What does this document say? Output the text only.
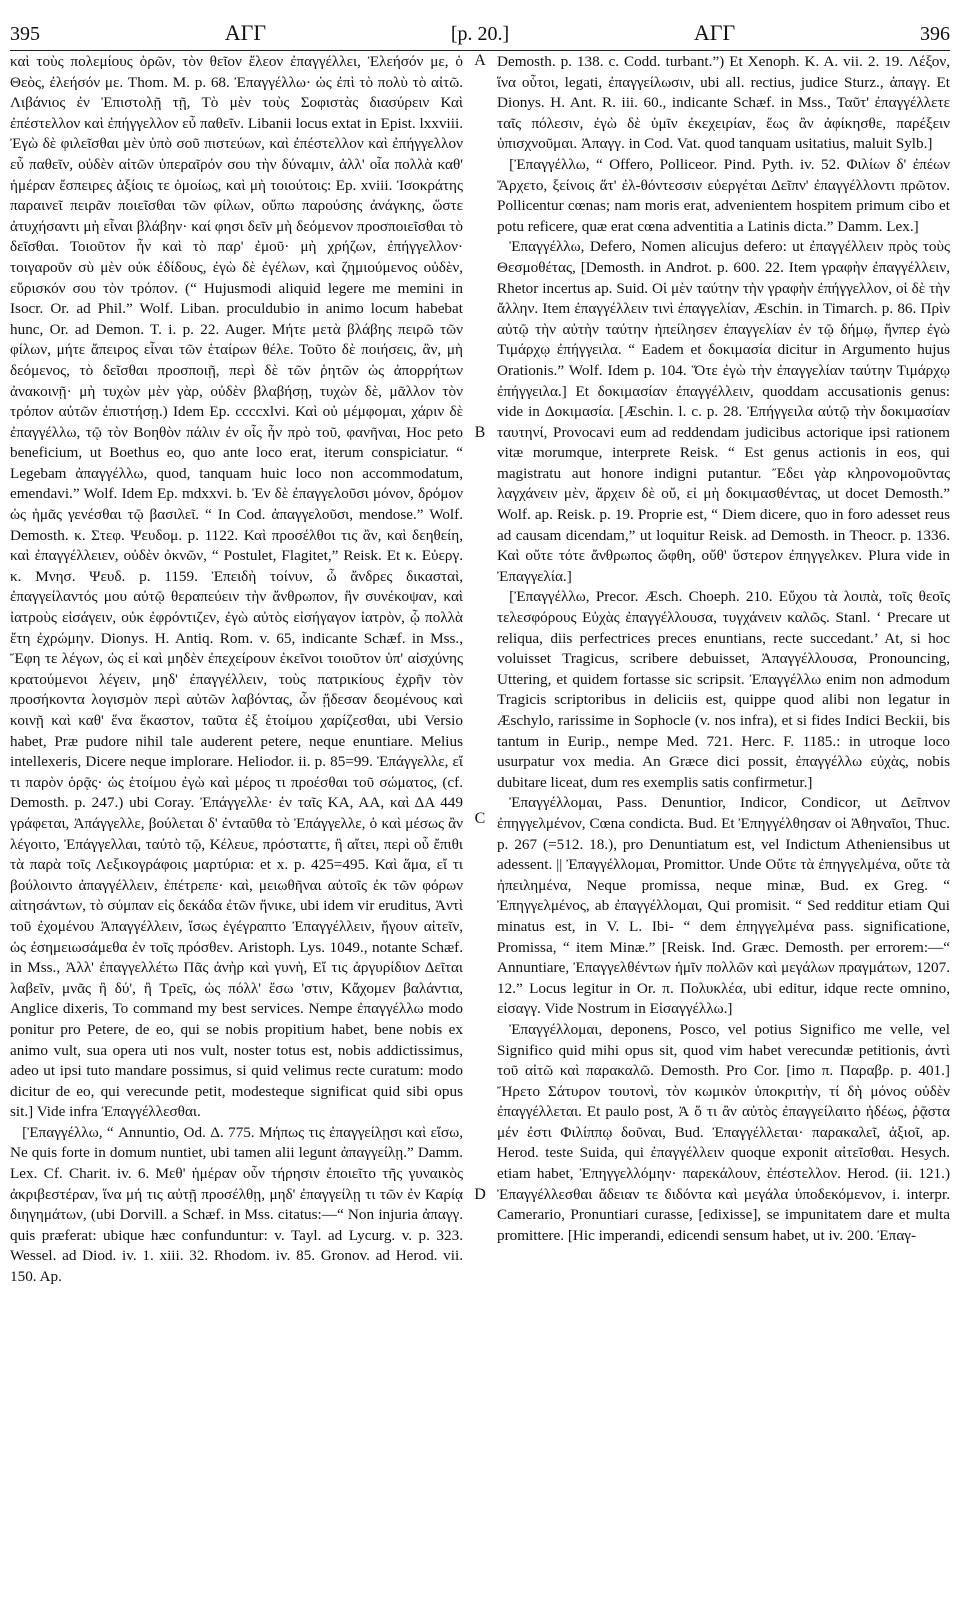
395	ΑΓΓ	[p. 20.]	ΑΓΓ	396

καὶ τοὺς πολεμίους ὁρῶν, τὸν θεῖον ἔλεον ἐπαγγέλλει, Ἐλεήσόν με, ὁ Θεὸς, ἐλεήσόν με. Thom. M. p. 68. Ἐπαγγέλλω· ὡς ἐπὶ τὸ πολὺ τὸ αἰτῶ. Λιβάνιος ἐν Ἐπιστολῇ τῇ, Τὸ μὲν τοὺς Σοφιστὰς διασύρειν Καὶ ἐπέστελλον καὶ ἐπήγγελλον εὖ παθεῖν. Libanii locus extat in Epist. lxxviii. Ἐγὼ δὲ φιλεῖσθαι μὲν ὑπὸ σοῦ πιστεύων, καὶ ἐπέστελλον καὶ ἐπήγγελλον εὖ παθεῖν, οὐδὲν αἰτῶν ὑπεραῖρόν σου τὴν δύναμιν, ἀλλ' οἷα πολλὰ καθ' ἡμέραν ἔσπειρες ἀξίοις τε ὁμοίως, καὶ μὴ τοιούτοις: Ep. xviii. Ἰσοκράτης παραινεῖ πειρᾶν ποιεῖσθαι τῶν φίλων, οὔπω παρούσης ἀνάγκης, ὥστε ἀτυχήσαντι μὴ εἶναι βλάβην· καί φησι δεῖν μὴ δεόμενον προσποιεῖσθαι τὸ δεῖσθαι. Τοιοῦτον ἦν καὶ τὸ παρ' ἐμοῦ· μὴ χρήζων, ἐπήγγελλον· τοιγαροῦν σὺ μὲν οὐκ ἐδίδους, ἐγὼ δὲ ἐγέλων, καὶ ζημιούμενος οὐδὲν, εὕρισκόν σου τὸν τρόπον. (“ Hujusmodi aliquid legere me memini in Isocr. Or. ad Phil.” Wolf. Liban. proculdubio in animo locum habebat hunc, Or. ad Demon. T. i. p. 22. Auger. Μήτε μετὰ βλάβης πειρῶ τῶν φίλων, μήτε ἄπειρος εἶναι τῶν ἑταίρων θέλε. Τοῦτο δὲ ποιήσεις, ἂν, μὴ δεόμενος, τὸ δεῖσθαι προσποιῇ, περὶ δὲ τῶν ῥητῶν ὡς ἀπορρήτων ἀνακοινῇ· μὴ τυχὼν μὲν γὰρ, οὐδὲν βλαβήσῃ, τυχὼν δὲ, μᾶλλον τὸν τρόπον αὐτῶν ἐπιστήσῃ.) Idem Ep. ccccxlvi. Καὶ οὐ μέμφομαι, χάριν δὲ ἐπαγγέλλω, τῷ τὸν Βοηθὸν πάλιν ἐν οἷς ἦν πρὸ τοῦ, φανῆναι, Hoc peto beneficium, ut Boethus eo, quo ante loco erat, iterum conspiciatur. “ Legebam ἀπαγγέλλω, quod, tanquam huic loco non accommodatum, emendavi.” Wolf. Idem Ep. mdxxvi. b. Ἐν δὲ ἐπαγγελοῦσι μόνον, δρόμον ὡς ἡμᾶς γενέσθαι τῷ βασιλεῖ. “ In Cod. ἀπαγγελοῦσι, mendose.” Wolf. Demosth. κ. Στεφ. Ψευδομ. p. 1122. Καὶ προσέλθοι τις ἂν, καὶ δεηθείη, καὶ ἐπαγγέλλειεν, οὐδὲν ὀκνῶν, “ Postulet, Flagitet,” Reisk. Et κ. Εὐεργ. κ. Μνησ. Ψευδ. p. 1159. Ἐπειδὴ τοίνυν, ὦ ἄνδρες δικασταὶ, ἐπαγγείλαντός μου αὐτῷ θεραπεύειν τὴν ἄνθρωπον, ἣν συνέκοψαν, καὶ ἰατροὺς εἰσάγειν, οὐκ ἐφρόντιζεν, ἐγὼ αὐτὸς εἰσήγαγον ἰατρὸν, ᾧ πολλὰ ἔτη ἐχρώμην. Dionys. H. Antiq. Rom. v. 65, indicante Schæf. in Mss., Ἔφη τε λέγων, ὡς εἰ καὶ μηδὲν ἐπεχείρουν ἐκεῖνοι τοιοῦτον ὑπ' αἰσχύνης κρατούμενοι λέγειν, μηδ' ἐπαγγέλλειν, τοὺς πατρικίους ἐχρῆν τὸν προσήκοντα λογισμὸν περὶ αὐτῶν λαβόντας, ὧν ᾔδεσαν δεομένους καὶ κοινῇ καὶ καθ' ἕνα ἕκαστον, ταῦτα ἐξ ἑτοίμου χαρίζεσθαι, ubi Versio habet, Præ pudore nihil tale auderent petere, neque enuntiare. Melius intellexeris, Dicere neque implorare. Heliodor. ii. p. 85=99. Ἐπάγγελλε, εἴ τι παρὸν ὁρᾷς· ὡς ἑτοίμου ἐγὼ καὶ μέρος τι προέσθαι τοῦ σώματος, (cf. Demosth. p. 247.) ubi Coray. Ἐπάγγελλε· ἐν ταῖς ΚΑ, ΑΑ, καὶ ΔΑ 449 γράφεται, Ἀπάγγελλε, βούλεται δ' ἐνταῦθα τὸ Ἐπάγγελλε, ὁ καὶ μέσως ἂν λέγοιτο, Ἐπάγγελλαι, ταὐτὸ τῷ, Κέλευε, πρόσταττε, ἢ αἴτει, περὶ οὗ ἔπιθι τὰ παρὰ τοῖς Λεξικογράφοις μαρτύρια: et x. p. 425=495. Καὶ ἅμα, εἴ τι βούλοιντο ἀπαγγέλλειν, ἐπέτρεπε· καὶ, μειωθῆναι αὐτοῖς ἐκ τῶν φόρων αἰτησάντων, τὸ σύμπαν εἰς δεκάδα ἐτῶν ἤνικε, ubi idem vir eruditus, Ἀντὶ τοῦ ἐχομένου Ἀπαγγέλλειν, ἴσως ἐγέγραπτο Ἐπαγγέλλειν, ἤγουν αἰτεῖν, ὡς ἐσημειωσάμεθα ἐν τοῖς πρόσθεν. Aristoph. Lys. 1049., notante Schæf. in Mss., Ἀλλ' ἐπαγγελλέτω Πᾶς ἀνὴρ καὶ γυνὴ, Εἴ τις ἀργυρίδιον Δεῖται λαβεῖν, μνᾶς ἢ δύ', ἢ Τρεῖς, ὡς πόλλ' ἔσω 'στιν, Κἄχομεν βαλάντια, Anglice dixeris, To command my best services. Nempe ἐπαγγέλλω modo ponitur pro Petere, de eo, qui se nobis propitium habet, bene nobis ex animo vult, sua opera uti nos vult, noster totus est, nobis addictissimus, adeo ut ipsi tuto mandare possimus, si quid velimus recte curatum: modo dicitur de eo, qui verecunde petit, modesteque significat quid sibi opus sit.] Vide infra Ἐπαγγέλλεσθαι.

[Ἐπαγγέλλω, “ Annuntio, Od. Δ. 775. Μήπως τις ἐπαγγείλῃσι καὶ εἴσω, Ne quis forte in domum nuntiet, ubi tamen alii legunt ἀπαγγείλῃ.” Damm. Lex. Cf. Charit. iv. 6. Μεθ' ἡμέραν οὖν τήρησιν ἐποιεῖτο τῆς γυναικὸς ἀκριβεστέραν, ἵνα μή τις αὐτῇ προσέλθῃ, μηδ' ἐπαγγείλῃ τι τῶν ἐν Καρίᾳ διηγημάτων, (ubi Dorvill. a Schæf. in Mss. citatus:—“ Non injuria ἀπαγγ. quis præferat: ubique hæc confunduntur: v. Tayl. ad Lycurg. v. p. 323. Wessel. ad Diod. iv. 1. xiii. 32. Rhodom. iv. 85. Gronov. ad Herod. vii. 150. Ap.

A
B
C
D

Demosth. p. 138. c. Codd. turbant.”) Et Xenoph. K. A. vii. 2. 19. Λέξον, ἵνα οὗτοι, legati, ἐπαγγείλωσιν, ubi all. rectius, judice Sturz., ἀπαγγ. Et Dionys. H. Ant. R. iii. 60., indicante Schæf. in Mss., Ταῦτ' ἐπαγγέλλετε ταῖς πόλεσιν, ἐγὼ δὲ ὑμῖν ἐκεχειρίαν, ἕως ἂν ἀφίκησθε, παρέξειν ὑπισχνοῦμαι. Ἀπαγγ. in Cod. Vat. quod tanquam usitatius, maluit Sylb.]

[Ἐπαγγέλλω, “ Offero, Polliceor. Pind. Pyth. iv. 52. Φιλίων δ' ἐπέων Ἄρχετο, ξείνοις ἅτ' ἐλ-θόντεσσιν εὐεργέται Δεῖπν' ἐπαγγέλλοντι πρῶτον. Pollicentur cœnas; nam moris erat, advenientem hospitem primum cibo et potu reficere, quæ erat cœna adventitia a Latinis dicta.” Damm. Lex.]

Ἐπαγγέλλω, Defero, Nomen alicujus defero: ut ἐπαγγέλλειν πρὸς τοὺς Θεσμοθέτας, [Demosth. in Androt. p. 600. 22. Item γραφὴν ἐπαγγέλλειν, Rhetor incertus ap. Suid. Οἱ μὲν ταύτην τὴν γραφὴν ἐπήγγελλον, οἱ δὲ τὴν ἄλλην. Item ἐπαγγέλλειν τινὶ ἐπαγγελίαν, Æschin. in Timarch. p. 86. Πρὶν αὐτῷ τὴν αὐτὴν ταύτην ἠπείλησεν ἐπαγγελίαν ἐν τῷ δήμῳ, ἥνπερ ἐγὼ Τιμάρχῳ ἐπήγγειλα. “ Eadem et δοκιμασία dicitur in Argumento hujus Orationis.” Wolf. Idem p. 104. Ὅτε ἐγὼ τὴν ἐπαγγελίαν ταύτην Τιμάρχῳ ἐπήγγειλα.] Et δοκιμασίαν ἐπαγγέλλειν, quoddam accusationis genus: vide in Δοκιμασία. [Æschin. l. c. p. 28. Ἐπήγγειλα αὐτῷ τὴν δοκιμασίαν ταυτηνί, Provocavi eum ad reddendam judicibus actorique ipsi rationem vitæ morumque, interprete Reisk. “ Est genus actionis in eos, qui magistratu aut honore indigni putantur. Ἔδει γὰρ κληρονομοῦντας λαγχάνειν μὲν, ἄρχειν δὲ οὔ, εἰ μὴ δοκιμασθέντας, ut docet Demosth.” Wolf. ap. Reisk. p. 19. Proprie est, “ Diem dicere, quo in foro adesset reus ad causam dicendam,” ut loquitur Reisk. ad Demosth. in Theocr. p. 1336. Καὶ οὔτε τότε ἄνθρωπος ὤφθη, οὔθ' ὕστερον ἐπηγγελκεν. Plura vide in Ἐπαγγελία.]

[Ἐπαγγέλλω, Precor. Æsch. Choeph. 210. Εὔχου τὰ λοιπὰ, τοῖς θεοῖς τελεσφόρους Εὐχὰς ἐπαγγέλλουσα, τυγχάνειν καλῶς. Stanl. ‘ Precare ut reliqua, diis perfectrices preces enuntians, recte succedant.’ At, si hoc voluisset Tragicus, scribere debuisset, Ἀπαγγέλλουσα, Pronouncing, Uttering, et quidem fortasse sic scripsit. Ἐπαγγέλλω enim non admodum Tragicis scriptoribus in deliciis est, quippe quod alibi non legatur in Æschylo, rarissime in Sophocle (v. nos infra), et si fides Indici Beckii, bis tantum in Eurip., nempe Med. 721. Herc. F. 1185.: in utroque loco usurpatur vox media. An Græce dici possit, ἐπαγγέλλω εὐχὰς, nobis dubitare liceat, dum res exemplis satis confirmetur.]

Ἐπαγγέλλομαι, Pass. Denuntior, Indicor, Condicor, ut Δεῖπνον ἐπηγγελμένον, Cœna condicta. Bud. Et Ἐπηγγέλθησαν οἱ Ἀθηναῖοι, Thuc. p. 267 (=512. 18.), pro Denuntiatum est, vel Indictum Atheniensibus ut adessent. || Ἐπαγγέλλομαι, Promittor. Unde Οὔτε τὰ ἐπηγγελμένα, οὔτε τὰ ἠπειλημένα, Neque promissa, neque minæ, Bud. ex Greg. “ Ἐπηγγελμένος, ab ἐπαγγέλλομαι, Qui promisit. “ Sed redditur etiam Qui minatus est, in V. L. Ibi- “ dem ἐπηγγελμένα pass. significatione, Promissa, “ item Minæ.” [Reisk. Ind. Græc. Demosth. per errorem:—“ Annuntiare, Ἐπαγγελθέντων ἡμῖν πολλῶν καὶ μεγάλων πραγμάτων, 1207. 12.” Locus legitur in Or. π. Πολυκλέα, ubi editur, idque recte omnino, εἰσαγγ. Vide Nostrum in Εἰσαγγέλλω.]

Ἐπαγγέλλομαι, deponens, Posco, vel potius Significo me velle, vel Significo quid mihi opus sit, quod vim habet verecundæ petitionis, ἀντὶ τοῦ αἰτῶ καὶ παρακαλῶ. Demosth. Pro Cor. [imo π. Παραβρ. p. 401.] Ἤρετο Σάτυρον τουτονὶ, τὸν κωμικὸν ὑποκριτὴν, τί δὴ μόνος οὐδὲν ἐπαγγέλλεται. Et paulo post, Ἀ ὅ τι ἂν αὐτὸς ἐπαγγείλαιτο ἡδέως, ῥᾷστα μέν ἐστι Φιλίππῳ δοῦναι, Bud. Ἐπαγγέλλεται· παρακαλεῖ, ἀξιοῖ, ap. Herod. teste Suida, qui ἐπαγγέλλειν quoque exponit αἰτεῖσθαι. Hesych. etiam habet, Ἐπηγγελλόμην· παρεκάλουν, ἐπέστελλον. Herod. (ii. 121.) Ἐπαγγέλλεσθαι ἄδειαν τε διδόντα καὶ μεγάλα ὑποδεκόμενον, i. interpr. Camerario, Pronuntiari curasse, [edixisse], se impunitatem dare et multa promittere. [Hic imperandi, edicendi sensum habet, ut iv. 200. Ἐπαγ-
